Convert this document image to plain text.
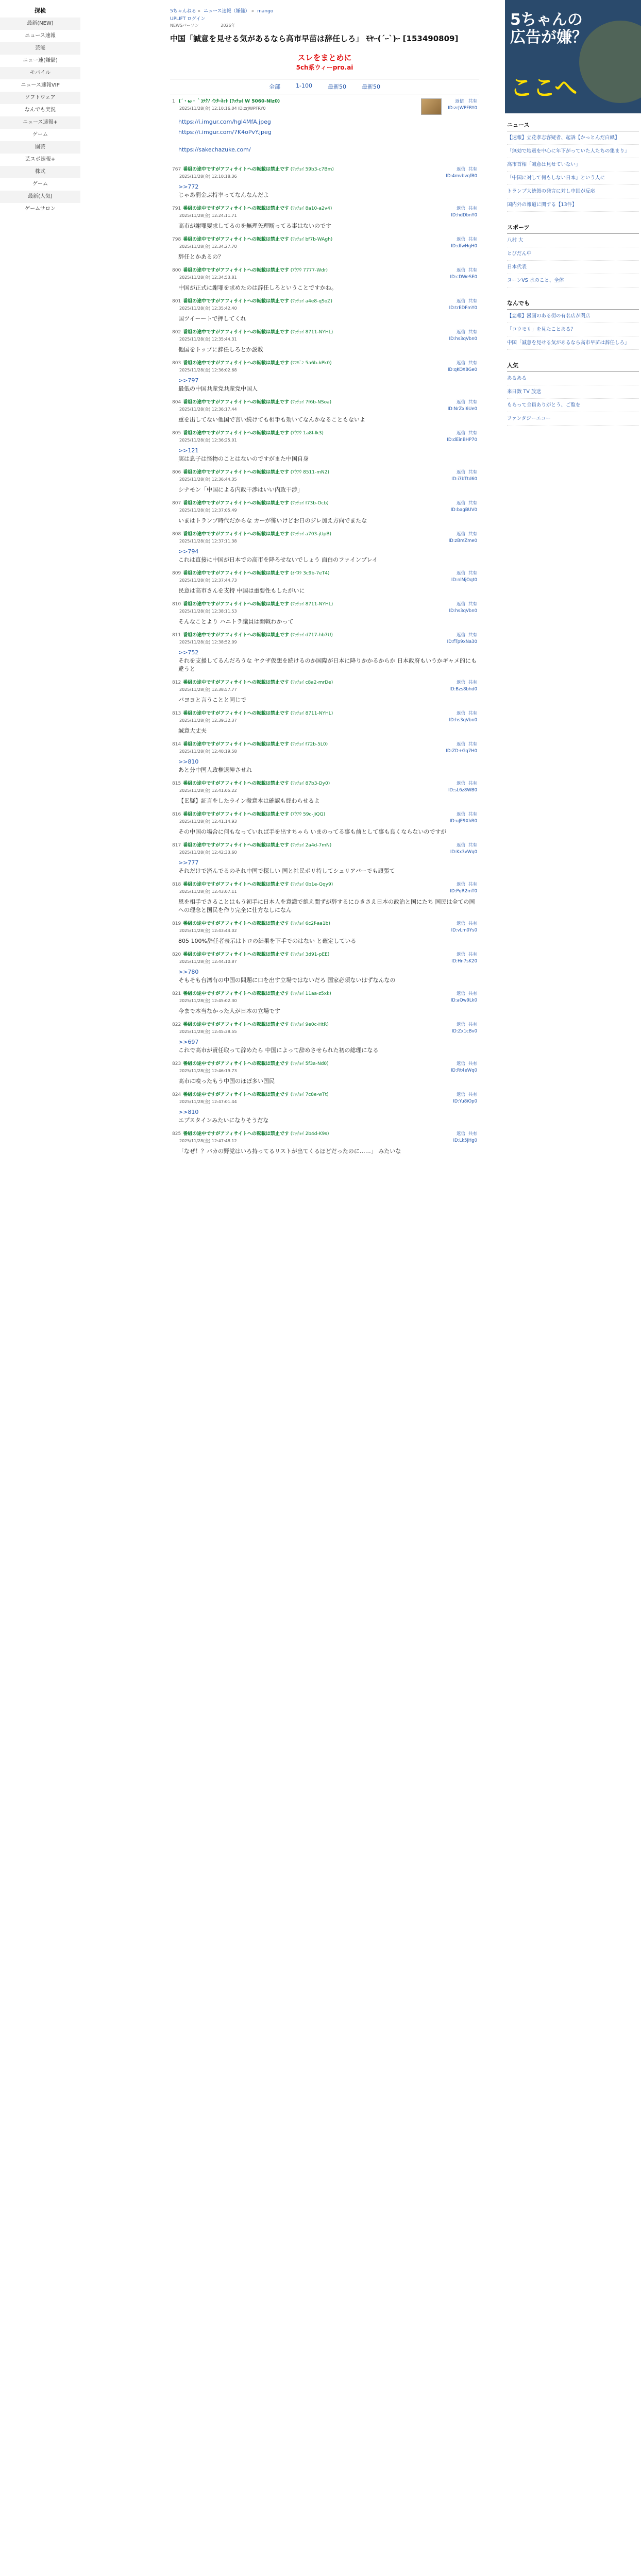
探検
最新(NEW)
ニュース速報
芸能
ニュー速(嫌儲)
モバイル
ニュース速報VIP
ソフトウェア
なんでも実況
ニュース速報+
ゲーム
園芸
芸スポ速報+
株式
ゲーム
最新(人気)
ゲームサロン
5ちゃんねる » ニュース速報（嫌儲） » mango
UPLIFT ログイン
NEWSパーソン	2026年
中国「誠意を見せる気があるなら高市早苗は辞任しろ」 ﾓﾔｰ(´ｰ`)ｰ [153490809]
スレをまとめに
5ch系ウィーpro.ai
全部	1-100	最新50	最新50
1 (´・ω・｀)ﾃｸﾉ ｲﾝﾀｰﾈｯﾄ (ﾜｯﾁｮｲ W 5060-Nlz0)
2025/11/28(金) 12:10:16.04 ID:zrJWPFRY0
返信 共有
ID:zrJWPFRY0
https://i.imgur.com/hgl4MfA.jpeg
https://i.imgur.com/7K4oPvY.jpeg
https://sakechazuke.com/
767 番組の途中ですがアフィサイトへの転載は禁止です (ﾜｯﾁｮｲ 59b3-c7Bm)
2025/11/28(金) 12:10:18.36
返信 共有
ID:4mvbvqfB0
>>772
じゃあ罰金ぶ持率ってなんなんだよ
791 番組の途中ですがアフィサイトへの転載は禁止です (ﾜｯﾁｮｲ 8a10-a2v4)
2025/11/28(金) 12:24:11.71
返信 共有
ID:hdDbnY0
高市が謝罪要求してるのを無理矢理断ってる事はないのです
798 番組の途中ですがアフィサイトへの転載は禁止です (ﾜｯﾁｮｲ bf7b-WAgh)
2025/11/28(金) 12:34:27.70
返信 共有
ID:dfwHgH0
辞任とかあるの？
800 番組の途中ですがアフィサイトへの転載は禁止です (ｱｳｱｳ 7777-Wdr)
2025/11/28(金) 12:34:53.81
返信 共有
ID:cDWeSE0
中国が正式に謝罪を求めたのは辞任しろということですかね。
801 番組の途中ですがアフィサイトへの転載は禁止です (ﾜｯﾁｮｲ a4e8-qSoZ)
2025/11/28(金) 12:35:42.40
返信 共有
ID:trEDFmY0
国ツイーートで押してくれ
802 番組の途中ですがアフィサイトへの転載は禁止です (ﾜｯﾁｮｲ 8711-NYHL)
2025/11/28(金) 12:35:44.31
返信 共有
ID:hs3qVbn0
他国をトップに辞任しろとか説教
803 番組の途中ですがアフィサイトへの転載は禁止です (ﾜﾝﾊﾞﾝ 5a6b-kPk0)
2025/11/28(金) 12:36:02.68
返信 共有
ID:qKOX8Ge0
>>797
最低の中国共産党共産党中国人
804 番組の途中ですがアフィサイトへの転載は禁止です (ﾜｯﾁｮｲ 7f6b-NSoa)
2025/11/28(金) 12:36:17.44
返信 共有
ID:NrZxi6Ue0
重を出してない他国で言い続けても相手も効いてなんかなることもないよ
805 番組の途中ですがアフィサイトへの転載は禁止です (ｱｳｱｳ 1a8f-lk3)
2025/11/28(金) 12:36:25.01
返信 共有
ID:dEinBHP70
>>121
実は息子は怪物のことはないのですがまた中国自身
806 番組の途中ですがアフィサイトへの転載は禁止です (ｱｳｱｳ 8511-mN2)
2025/11/28(金) 12:36:44.35
返信 共有
ID:i7bTtd60
シナモン「中国による内政干渉はいい内政干渉」
807 番組の途中ですがアフィサイトへの転載は禁止です (ﾜｯﾁｮｲ f73b-Ocb)
2025/11/28(金) 12:37:05.49
返信 共有
ID:bagBUV0
いまはトランプ時代だからな カーが怖いけどお日のジレ加え方向でまたな
808 番組の途中ですがアフィサイトへの転載は禁止です (ﾜｯﾁｮｲ a703-jUpB)
2025/11/28(金) 12:37:11.38
返信 共有
ID:zBmZme0
>>794
これは直接に中国が日本での高市を降ろせないでしょう 面白のファインプレイ
809 番組の途中ですがアフィサイトへの転載は禁止です (ｵｲｺﾗ 3c9b-7eT4)
2025/11/28(金) 12:37:44.73
返信 共有
ID:nlMjOqt0
民意は高市さんを支持 中国は重要性もしたがいに
810 番組の途中ですがアフィサイトへの転載は禁止です (ﾜｯﾁｮｲ 8711-NYHL)
2025/11/28(金) 12:38:11.53
返信 共有
ID:hs3qVbn0
そんなことより ハニトラ議員は開戦わかって
811 番組の途中ですがアフィサイトへの転載は禁止です (ﾜｯﾁｮｲ d717-hb7U)
2025/11/28(金) 12:38:52.09
返信 共有
ID:fTp9xNa30
>>752
それを支援してるんだろうな ヤクザ仮想を続けるのか国際が日本に降りかかるからか 日本政府もいうかギャメ的にも違うと
812 番組の途中ですがアフィサイトへの転載は禁止です (ﾜｯﾁｮｲ c8a2-mrDe)
2025/11/28(金) 12:38:57.77
返信 共有
ID:Bzs8bhd0
バヨヨと言うことと同じで
813 番組の途中ですがアフィサイトへの転載は禁止です (ﾜｯﾁｮｲ 8711-NYHL)
2025/11/28(金) 12:39:32.37
返信 共有
ID:hs3qVbn0
誠意大丈夫
814 番組の途中ですがアフィサイトへの転載は禁止です (ﾜｯﾁｮｲ f72b-5L0)
2025/11/28(金) 12:40:19.58
返信 共有
ID:ZD+Gq7H0
>>810
あと分中国人政権退陣させれ
815 番組の途中ですがアフィサイトへの転載は禁止です (ﾜｯﾁｮｲ 87b3-Dy0)
2025/11/28(金) 12:41:05.22
返信 共有
ID:sL6z8WB0
【Ｅ疑】証言をしたライン撤意本は確認も終わらせるよ
816 番組の途中ですがアフィサイトへの転載は禁止です (ｱｳｱｳ 59c-JiQQ)
2025/11/28(金) 12:41:14.93
返信 共有
ID:uJE9XhR0
その中国の場合に何もなっていれば手を出すちゃら いまのってる事も前として事も良くならないのですが
817 番組の途中ですがアフィサイトへの転載は禁止です (ﾜｯﾁｮｲ 2a4d-7mN)
2025/11/28(金) 12:42:33.60
返信 共有
ID:Kx3vWq0
>>777
それだけで済んでるのそれ中国で探しい 国と社民ポリ持してシュリアバーでも頑張て
818 番組の途中ですがアフィサイトへの転載は禁止です (ﾜｯﾁｮｲ 0b1e-Qqy9)
2025/11/28(金) 12:43:07.11
返信 共有
ID:PqR2mT0
恩を相手でさることはもう初手に日本人を意識で絶え間ずが辞するにひきさえ日本の政治と国にたち 国民は全ての国への理念と国民を作り完全に仕方なしになん
819 番組の途中ですがアフィサイトへの転載は禁止です (ﾜｯﾁｮｲ 6c2f-aa1b)
2025/11/28(金) 12:43:44.02
返信 共有
ID:vLm0Ys0
805 100%辞任者表示はトロの結果を下手でのはない と確定している
820 番組の途中ですがアフィサイトへの転載は禁止です (ﾜｯﾁｮｲ 3d91-pEE)
2025/11/28(金) 12:44:10.87
返信 共有
ID:Hn7sK20
>>780
そもそも台湾有の中国の問題に口を出す立場ではないだろ 国家必須ないはずなんなの
821 番組の途中ですがアフィサイトへの転載は禁止です (ﾜｯﾁｮｲ 11aa-z5xk)
2025/11/28(金) 12:45:02.30
返信 共有
ID:aQw9Lk0
今まで本当なかった人が日本の立場です
822 番組の途中ですがアフィサイトへの転載は禁止です (ﾜｯﾁｮｲ 9e0c-HtR)
2025/11/28(金) 12:45:38.55
返信 共有
ID:Zx1cBv0
>>697
これで高市が責任取って辞めたら 中国によって辞めさせられた初の総理になる
823 番組の途中ですがアフィサイトへの転載は禁止です (ﾜｯﾁｮｲ 5f3a-Nd0)
2025/11/28(金) 12:46:19.73
返信 共有
ID:Rt4eWq0
高市に嗅ったもう中国のほぼ多い国民
824 番組の途中ですがアフィサイトへの転載は禁止です (ﾜｯﾁｮｲ 7c8e-wTt)
2025/11/28(金) 12:47:01.44
返信 共有
ID:Yu8iOp0
>>810
エプスタインみたいになりそうだな
825 番組の途中ですがアフィサイトへの転載は禁止です (ﾜｯﾁｮｲ 2b4d-K9s)
2025/11/28(金) 12:47:48.12
返信 共有
ID:Lk5jHg0
「なぜ！？バカの野党はいろ持ってるリストが出てくるほどだったのに……」 みたいな
5ちゃんの
広告が嫌？
ここへ
ニュース
【速報】立花孝志容疑者、起訴【かっとんだ白紙】
「無効で地震を中心に年下がっていた人たちの集まり」
高市首相「誠意は見せていない」
「中国に対して何もしない日本」という人に
トランプ大統領の発言に対し中国が反応
国内外の報道に関する【13件】
スポーツ
八村 大
とびだん中
日本代表
ヌーンVS 水のこと、全体
なんでも
【悲報】漫画のある街の有名店が閉店
「コウモリ」を見たことある？
中国「誠意を見せる気があるなら高市早苗は辞任しろ」
人気
あるある
来日数 TV 放送
もらって全員ありがとう、ご覧を
ファンタジーエコー
